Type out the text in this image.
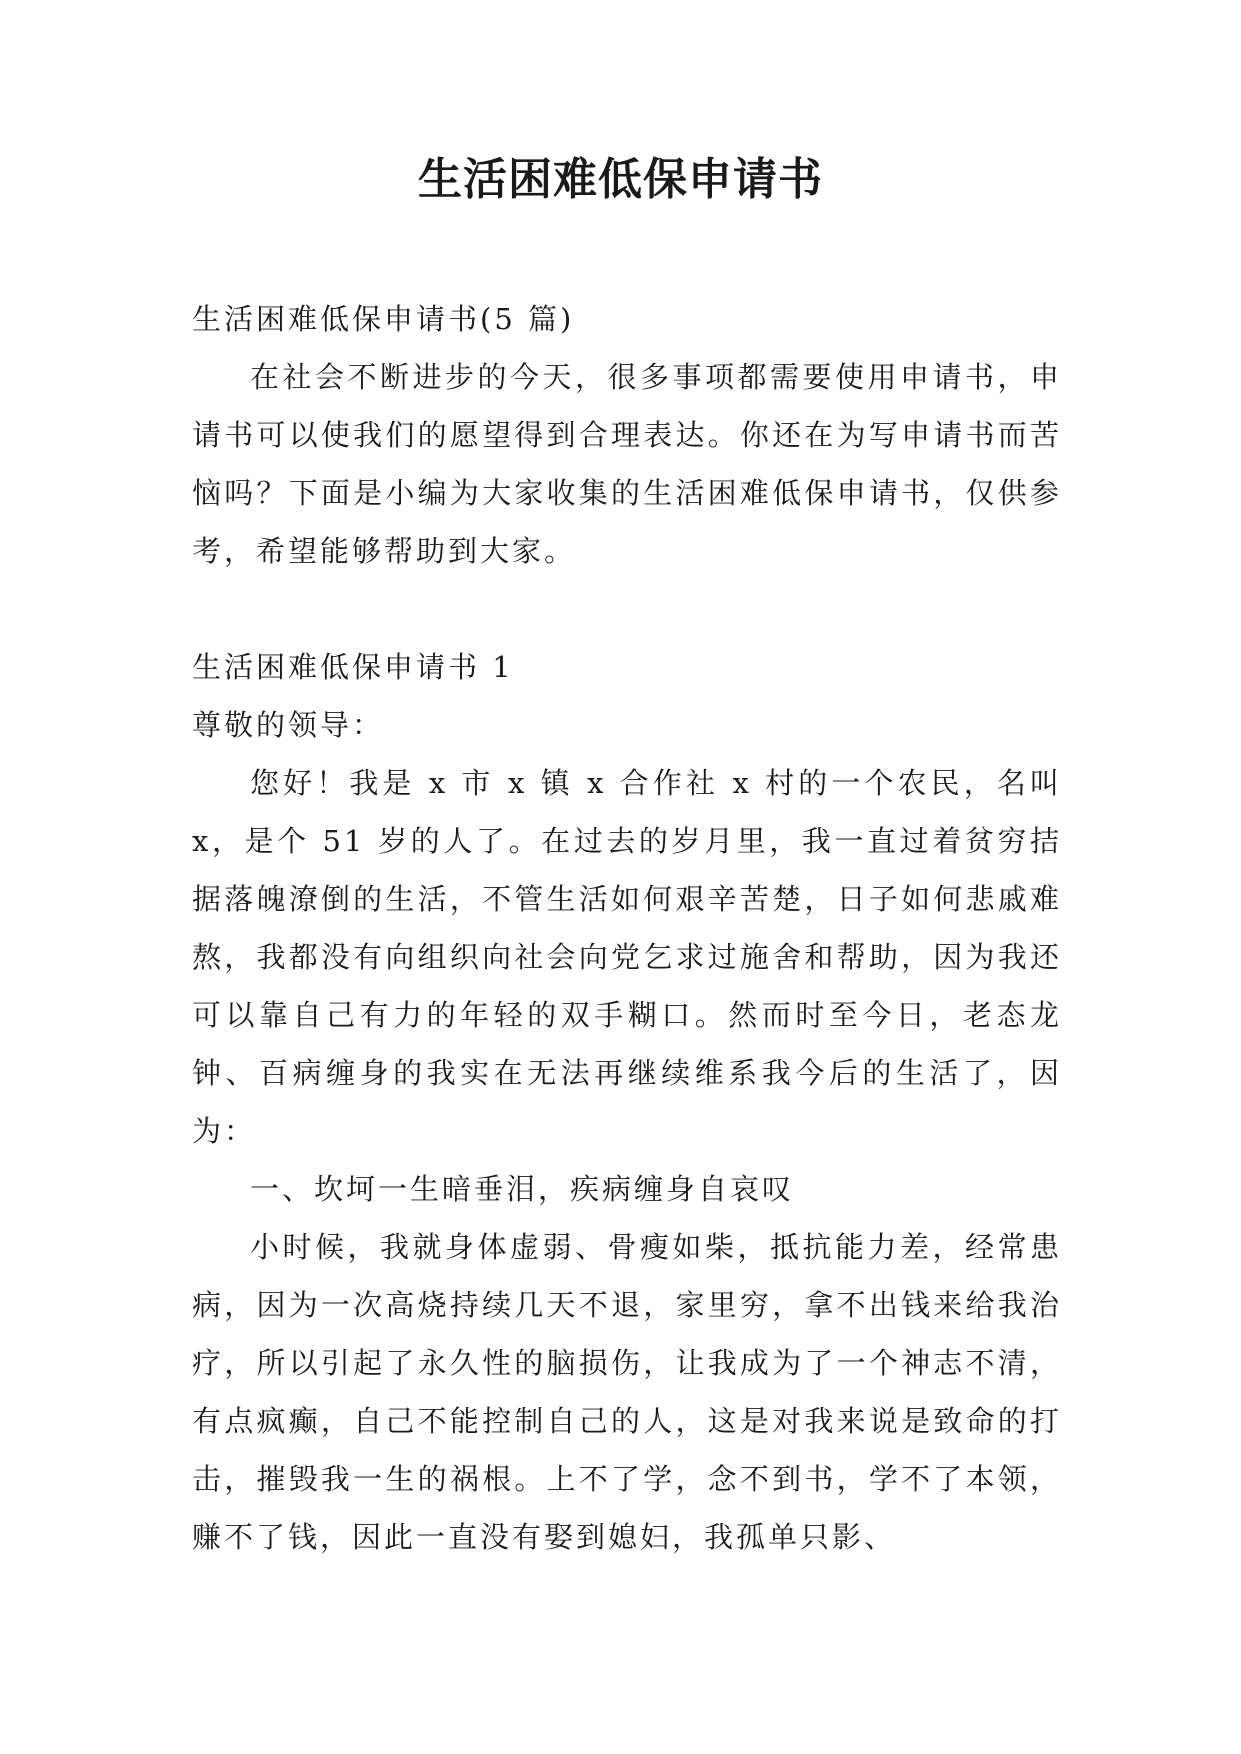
生活困难低保申请书

生活困难低保申请书(5 篇)

在社会不断进步的今天，很多事项都需要使用申请书，申请书可以使我们的愿望得到合理表达。你还在为写申请书而苦恼吗？下面是小编为大家收集的生活困难低保申请书，仅供参考，希望能够帮助到大家。

生活困难低保申请书 1

尊敬的领导：

您好！我是 x 市 x 镇 x 合作社 x 村的一个农民，名叫 x，是个 51 岁的人了。在过去的岁月里，我一直过着贫穷拮据落魄潦倒的生活，不管生活如何艰辛苦楚，日子如何悲戚难熬，我都没有向组织向社会向党乞求过施舍和帮助，因为我还可以靠自己有力的年轻的双手糊口。然而时至今日，老态龙钟、百病缠身的我实在无法再继续维系我今后的生活了，因为：

一、坎坷一生暗垂泪，疾病缠身自哀叹

小时候，我就身体虚弱、骨瘦如柴，抵抗能力差，经常患病，因为一次高烧持续几天不退，家里穷，拿不出钱来给我治疗，所以引起了永久性的脑损伤，让我成为了一个神志不清，有点疯癫，自己不能控制自己的人，这是对我来说是致命的打击，摧毁我一生的祸根。上不了学，念不到书，学不了本领，赚不了钱，因此一直没有娶到媳妇，我孤单只影、
